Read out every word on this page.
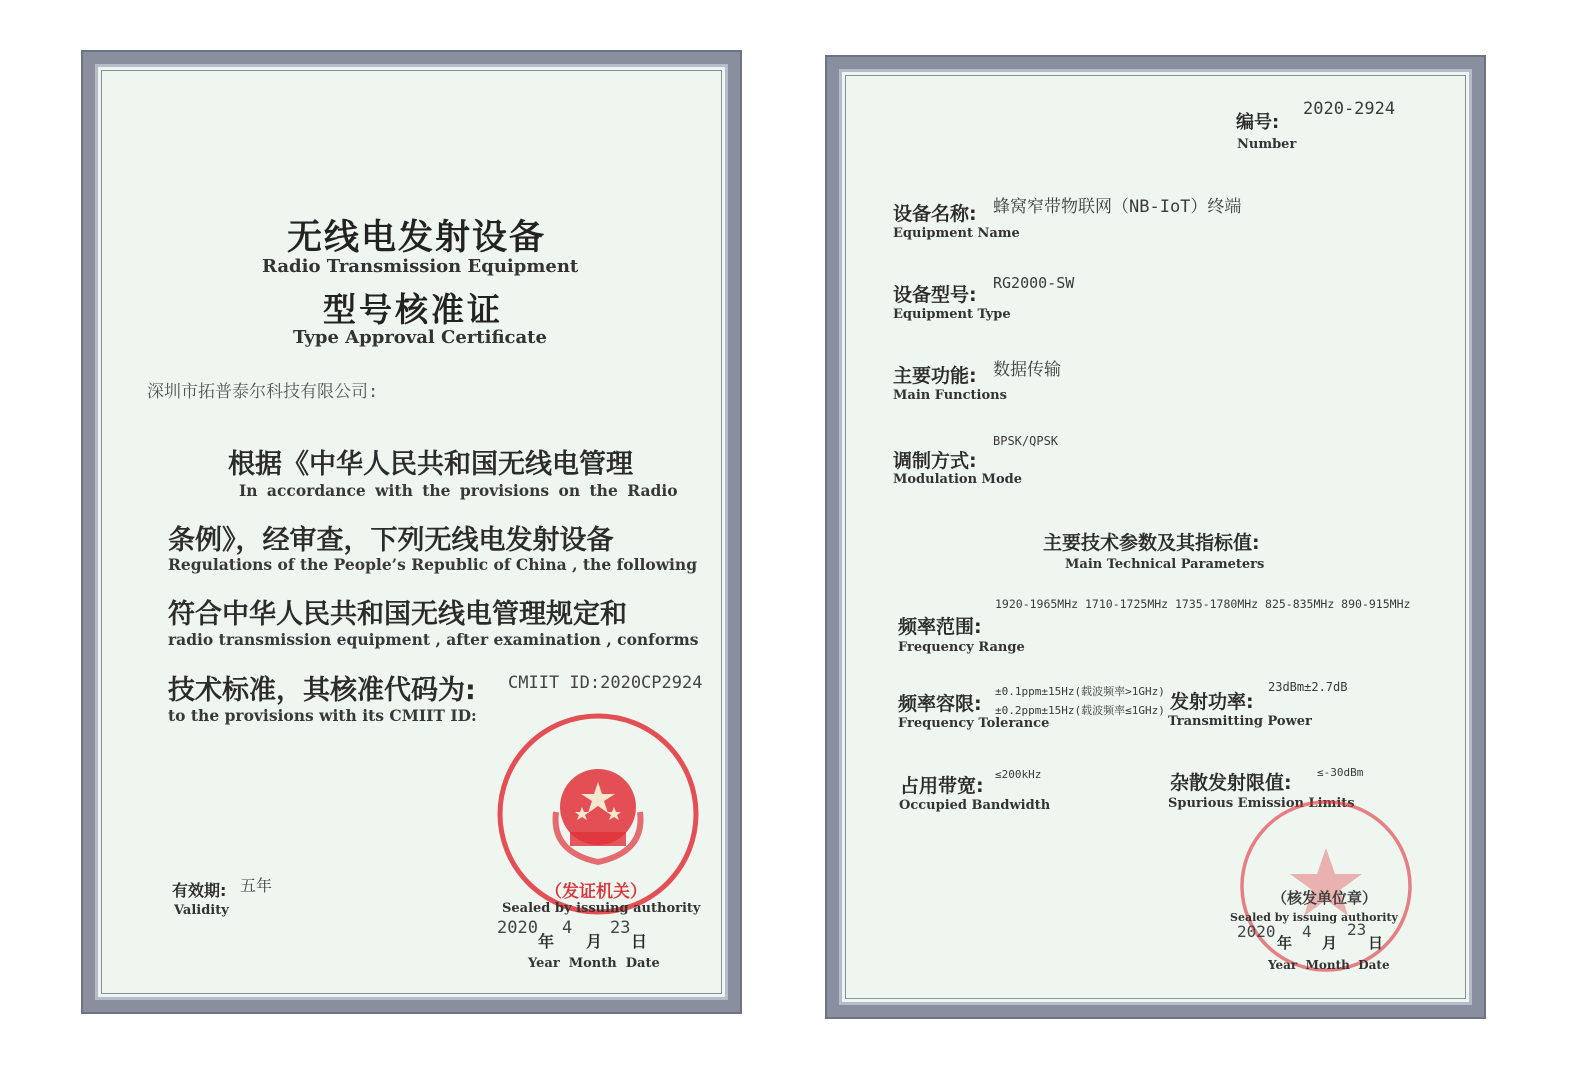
无线电发射设备
Radio Transmission Equipment
型号核准证
Type Approval Certificate
深圳市拓普泰尔科技有限公司:
根据《中华人民共和国无线电管理
In accordance with the provisions on the Radio
条例》，经审查，下列无线电发射设备
Regulations of the People’s Republic of China , the following
符合中华人民共和国无线电管理规定和
radio transmission equipment , after examination , conforms
技术标准，其核准代码为: CMIIT ID:2020CP2924
to the provisions with its CMIIT ID:
（发证机关）
有效期: 五年
Validity	Sealed by issuing authority
2020
年
4
月
23
日
Year  Month  Date
编号:
2020-2924
Number
设备名称: 蜂窝窄带物联网（NB-IoT）终端
Equipment Name
设备型号:
RG2000-SW
Equipment Type
主要功能: 数据传输
Main Functions
调制方式:
BPSK/QPSK
Modulation Mode
主要技术参数及其指标值:
Main Technical Parameters
频率范围:
1920-1965MHz 1710-1725MHz 1735-1780MHz 825-835MHz 890-915MHz
Frequency Range
频率容限:
±0.1ppm±15Hz(载波频率>1GHz)
±0.2ppm±15Hz(载波频率≤1GHz)
Frequency Tolerance
发射功率:
23dBm±2.7dB
Transmitting Power
占用带宽:
≤200kHz
Occupied Bandwidth
杂散发射限值: ≤-30dBm
Spurious Emission Limits
（核发单位章）
Sealed by issuing authority
2020
年
4
月
23
日
Year  Month  Date
